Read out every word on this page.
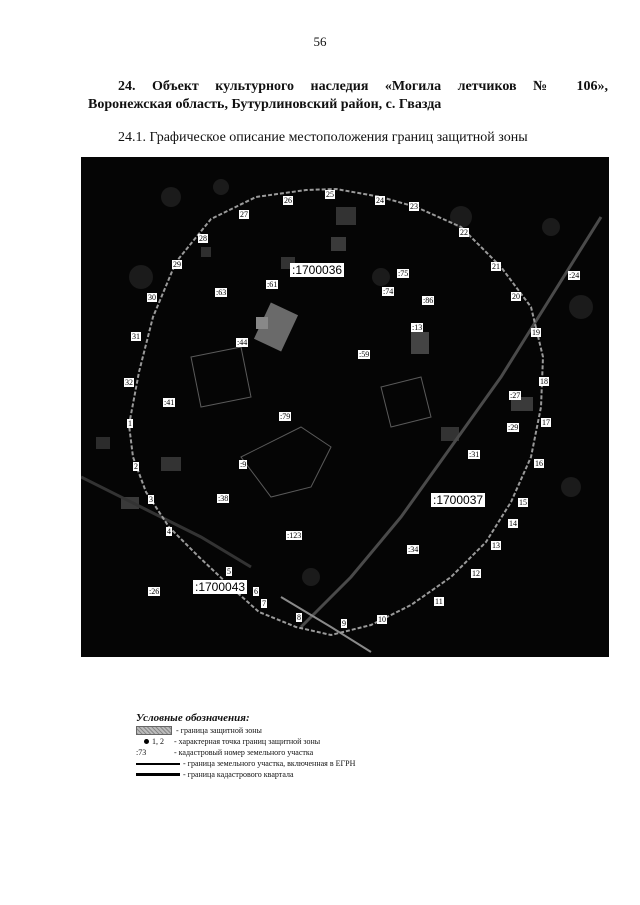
56
24. Объект культурного наследия «Могила летчиков № 106»,
Воронежская область, Бутурлиновский район, с. Гвазда
24.1. Графическое описание местоположения границ защитной зоны
1
2
3
4
5
6
7
8
9	10
11
12
13
14
15
16
17
18
19
20
21
22
23
24
25
26
27
28
29
30
31
32
:1700036
:1700037
:1700043
:123
:79
:59
:44
:13
:86
:74
:75
:61
:63
:41
:9
:38
:34
:31
:29
:27
:24
:26
Условные обозначения:
- граница защитной зоны
1, 2	- характерная точка границ защитной зоны
:73	- кадастровый номер земельного участка
- граница земельного участка, включенная в ЕГРН
- граница кадастрового квартала
